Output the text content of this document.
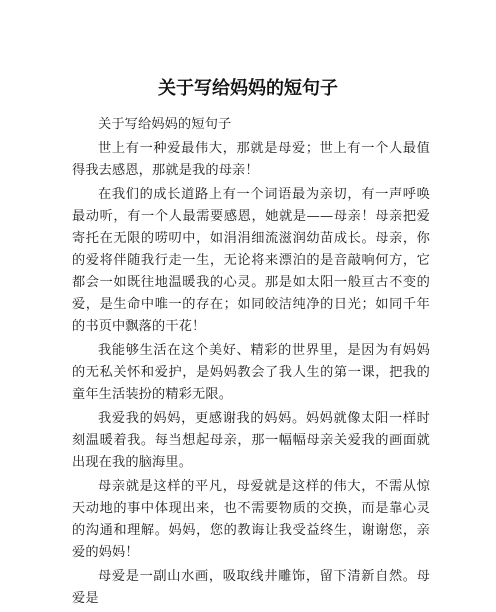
关于写给妈妈的短句子

关于写给妈妈的短句子

世上有一种爱最伟大，那就是母爱；世上有一个人最值得我去感恩，那就是我的母亲！

在我们的成长道路上有一个词语最为亲切，有一声呼唤最动听，有一个人最需要感恩，她就是——母亲！母亲把爱寄托在无限的唠叨中，如涓涓细流滋润幼苗成长。母亲，你的爱将伴随我行走一生，无论将来漂泊的是音敲响何方，它都会一如既往地温暖我的心灵。那是如太阳一般亘古不变的爱，是生命中唯一的存在；如同皎洁纯净的日光；如同千年的书页中飘落的干花！

我能够生活在这个美好、精彩的世界里，是因为有妈妈的无私关怀和爱护，是妈妈教会了我人生的第一课，把我的童年生活装扮的精彩无限。

我爱我的妈妈，更感谢我的妈妈。妈妈就像太阳一样时刻温暖着我。每当想起母亲，那一幅幅母亲关爱我的画面就出现在我的脑海里。

母亲就是这样的平凡，母爱就是这样的伟大，不需从惊天动地的事中体现出来，也不需要物质的交换，而是靠心灵的沟通和理解。妈妈，您的教诲让我受益终生，谢谢您，亲爱的妈妈！

母爱是一副山水画，吸取线井雕饰，留下清新自然。母爱是
